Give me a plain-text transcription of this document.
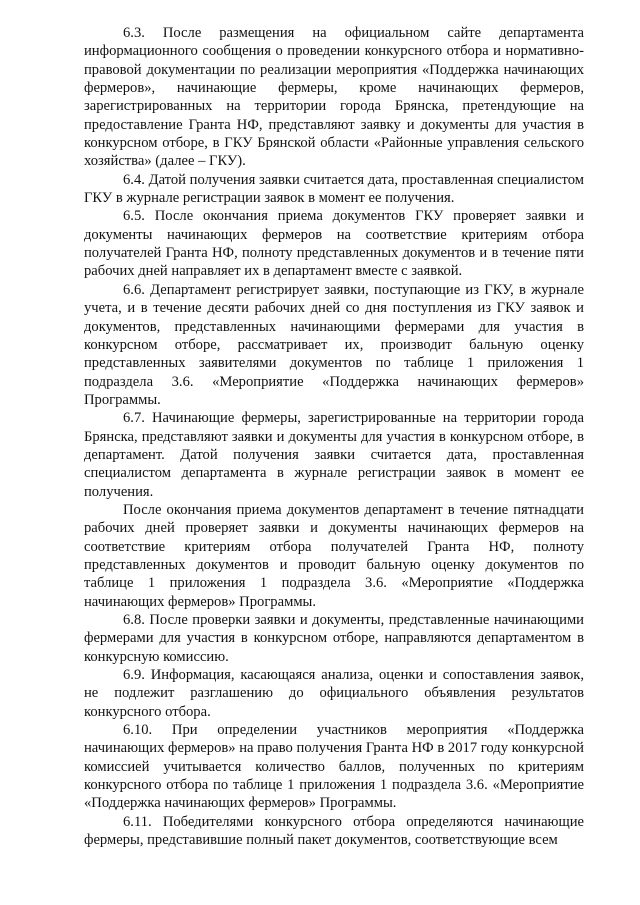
6.3. После размещения на официальном сайте департамента информационного сообщения о проведении конкурсного отбора и нормативно-правовой документации по реализации мероприятия «Поддержка начинающих фермеров», начинающие фермеры, кроме начинающих фермеров, зарегистрированных на территории города Брянска, претендующие на предоставление Гранта НФ, представляют заявку и документы для участия в конкурсном отборе, в ГКУ Брянской области «Районные управления сельского хозяйства» (далее – ГКУ).

6.4. Датой получения заявки считается дата, проставленная специалистом ГКУ в журнале регистрации заявок в момент ее получения.

6.5. После окончания приема документов ГКУ проверяет заявки и документы начинающих фермеров на соответствие критериям отбора получателей Гранта НФ, полноту представленных документов и в течение пяти рабочих дней направляет их в департамент вместе с заявкой.

6.6. Департамент регистрирует заявки, поступающие из ГКУ, в журнале учета, и в течение десяти рабочих дней со дня поступления из ГКУ заявок и документов, представленных начинающими фермерами для участия в конкурсном отборе, рассматривает их, производит бальную оценку представленных заявителями документов по таблице 1 приложения 1 подраздела 3.6. «Мероприятие «Поддержка начинающих фермеров» Программы.

6.7. Начинающие фермеры, зарегистрированные на территории города Брянска, представляют заявки и документы для участия в конкурсном отборе, в департамент. Датой получения заявки считается дата, проставленная специалистом департамента в журнале регистрации заявок в момент ее получения.

После окончания приема документов департамент в течение пятнадцати рабочих дней проверяет заявки и документы начинающих фермеров на соответствие критериям отбора получателей Гранта НФ, полноту представленных документов и проводит бальную оценку документов по таблице 1 приложения 1 подраздела 3.6. «Мероприятие «Поддержка начинающих фермеров» Программы.

6.8. После проверки заявки и документы, представленные начинающими фермерами для участия в конкурсном отборе, направляются департаментом в конкурсную комиссию.

6.9. Информация, касающаяся анализа, оценки и сопоставления заявок, не подлежит разглашению до официального объявления результатов конкурсного отбора.

6.10. При определении участников мероприятия «Поддержка начинающих фермеров» на право получения Гранта НФ в 2017 году конкурсной комиссией учитывается количество баллов, полученных по критериям конкурсного отбора по таблице 1 приложения 1 подраздела 3.6. «Мероприятие «Поддержка начинающих фермеров» Программы.

6.11. Победителями конкурсного отбора определяются начинающие фермеры, представившие полный пакет документов, соответствующие всем
